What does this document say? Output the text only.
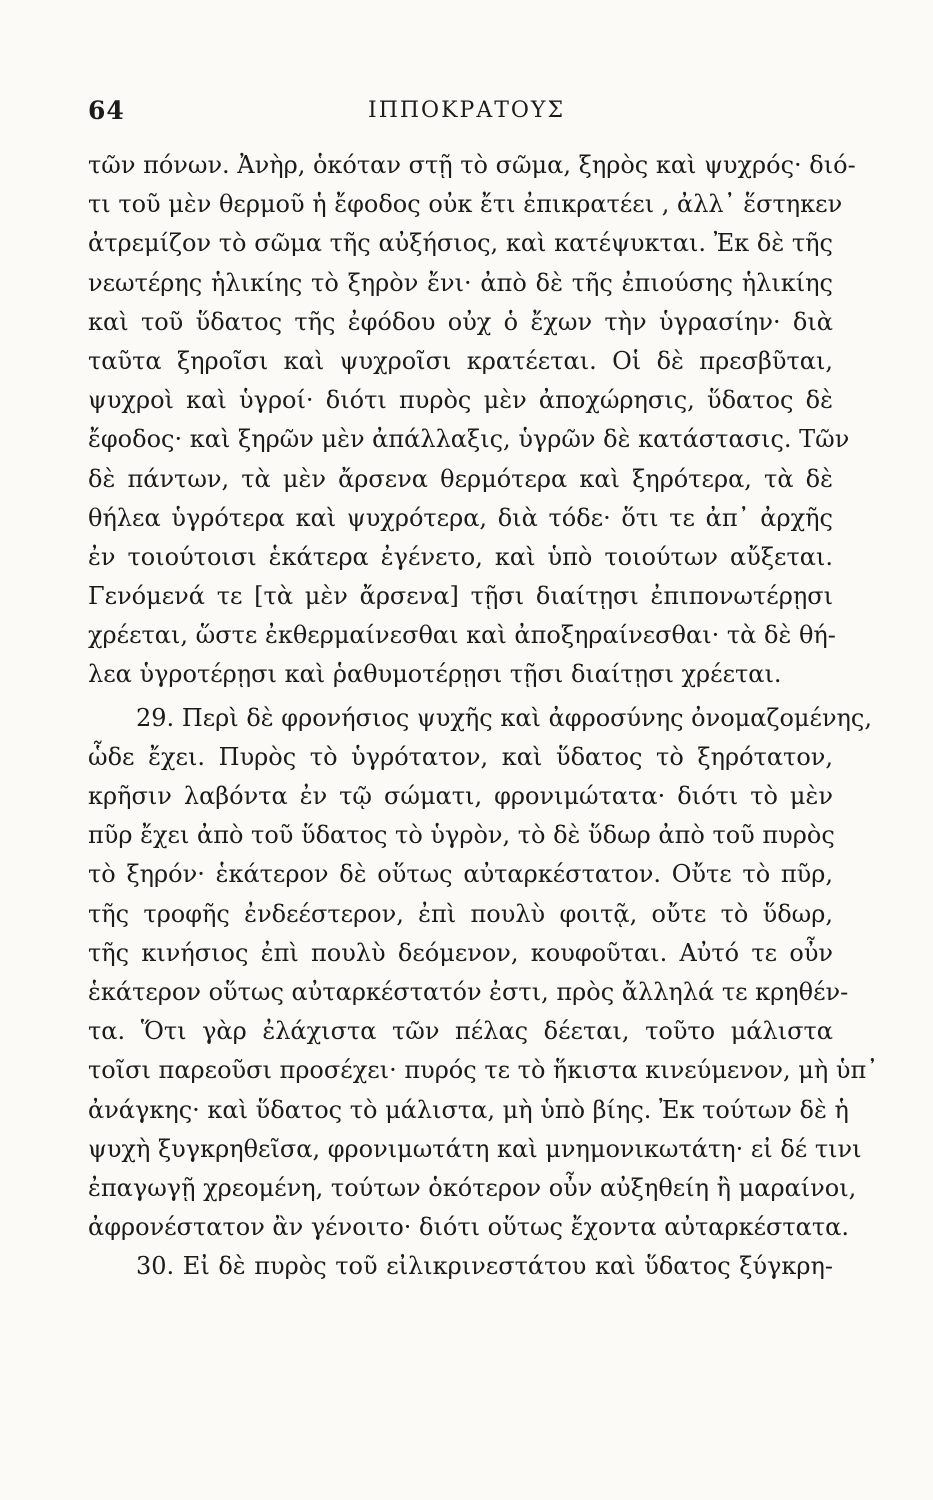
64	ΙΠΠΟΚΡΑΤΟΥΣ
τῶν πόνων. Ἀνὴρ, ὁκόταν στῇ τὸ σῶμα, ξηρὸς καὶ ψυχρός· διό-
τι τοῦ μὲν θερμοῦ ἡ ἔφοδος οὐκ ἔτι ἐπικρατέει , ἀλλ᾽ ἕστηκεν
ἀτρεμίζον τὸ σῶμα τῆς αὐξήσιος, καὶ κατέψυκται. Ἐκ δὲ τῆς
νεωτέρης ἡλικίης τὸ ξηρὸν ἔνι· ἀπὸ δὲ τῆς ἐπιούσης ἡλικίης
καὶ τοῦ ὕδατος τῆς ἐφόδου οὐχ ὁ ἔχων τὴν ὑγρασίην· διὰ
ταῦτα ξηροῖσι καὶ ψυχροῖσι κρατέεται. Οἱ δὲ πρεσβῦται,
ψυχροὶ καὶ ὑγροί· διότι πυρὸς μὲν ἀποχώρησις, ὕδατος δὲ
ἔφοδος· καὶ ξηρῶν μὲν ἀπάλλαξις, ὑγρῶν δὲ κατάστασις. Τῶν
δὲ πάντων, τὰ μὲν ἄρσενα θερμότερα καὶ ξηρότερα, τὰ δὲ
θήλεα ὑγρότερα καὶ ψυχρότερα, διὰ τόδε· ὅτι τε ἀπ᾽ ἀρχῆς
ἐν τοιούτοισι ἑκάτερα ἐγένετο, καὶ ὑπὸ τοιούτων αὔξεται.
Γενόμενά τε [τὰ μὲν ἄρσενα] τῇσι διαίτῃσι ἐπιπονωτέρῃσι
χρέεται, ὥστε ἐκθερμαίνεσθαι καὶ ἀποξηραίνεσθαι· τὰ δὲ θή-
λεα ὑγροτέρῃσι καὶ ῥαθυμοτέρῃσι τῇσι διαίτῃσι χρέεται.
29. Περὶ δὲ φρονήσιος ψυχῆς καὶ ἀφροσύνης ὀνομαζομένης,
ὧδε ἔχει. Πυρὸς τὸ ὑγρότατον, καὶ ὕδατος τὸ ξηρότατον,
κρῆσιν λαβόντα ἐν τῷ σώματι, φρονιμώτατα· διότι τὸ μὲν
πῦρ ἔχει ἀπὸ τοῦ ὕδατος τὸ ὑγρὸν, τὸ δὲ ὕδωρ ἀπὸ τοῦ πυρὸς
τὸ ξηρόν· ἑκάτερον δὲ οὕτως αὐταρκέστατον. Οὔτε τὸ πῦρ,
τῆς τροφῆς ἐνδεέστερον, ἐπὶ πουλὺ φοιτᾷ, οὔτε τὸ ὕδωρ,
τῆς κινήσιος ἐπὶ πουλὺ δεόμενον, κουφοῦται. Αὐτό τε οὖν
ἑκάτερον οὕτως αὐταρκέστατόν ἐστι, πρὸς ἄλληλά τε κρηθέν-
τα. Ὅτι γὰρ ἐλάχιστα τῶν πέλας δέεται, τοῦτο μάλιστα
τοῖσι παρεοῦσι προσέχει· πυρός τε τὸ ἥκιστα κινεύμενον, μὴ ὑπ᾽
ἀνάγκης· καὶ ὕδατος τὸ μάλιστα, μὴ ὑπὸ βίης. Ἐκ τούτων δὲ ἡ
ψυχὴ ξυγκρηθεῖσα, φρονιμωτάτη καὶ μνημονικωτάτη· εἰ δέ τινι
ἐπαγωγῇ χρεομένη, τούτων ὁκότερον οὖν αὐξηθείη ἢ μαραίνοι,
ἀφρονέστατον ἂν γένοιτο· διότι οὕτως ἔχοντα αὐταρκέστατα.
30. Εἰ δὲ πυρὸς τοῦ εἰλικρινεστάτου καὶ ὕδατος ξύγκρη-
